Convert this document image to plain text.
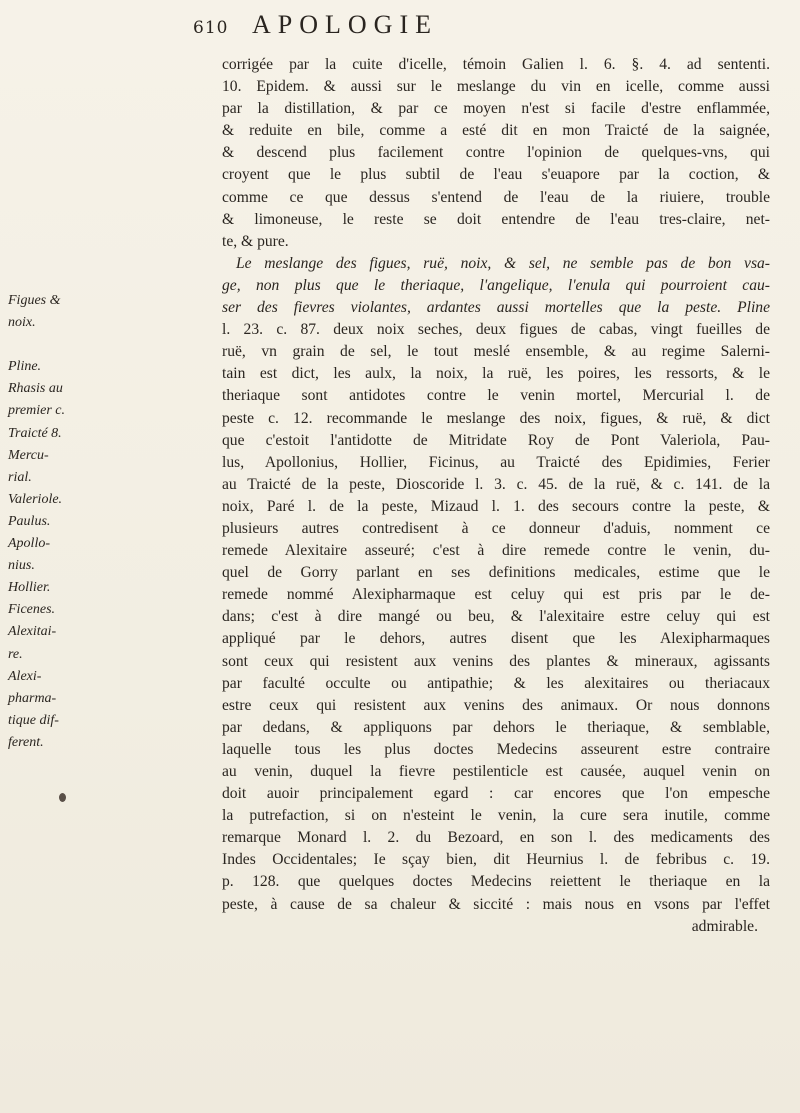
610 APOLOGIE
corrigée par la cuite d'icelle, témoin Galien l. 6. §. 4. ad sententi.
10. Epidem. & aussi sur le meslange du vin en icelle, comme aussi
par la distillation, & par ce moyen n'est si facile d'estre enflammée,
& reduite en bile, comme a esté dit en mon Traicté de la saignée,
& descend plus facilement contre l'opinion de quelques-vns, qui
croyent que le plus subtil de l'eau s'euapore par la coction, &
comme ce que dessus s'entend de l'eau de la riuiere, trouble
& limoneuse, le reste se doit entendre de l'eau tres-claire, net-
te, & pure.
Le meslange des figues, ruë, noix, & sel, ne semble pas de bon vsa-
ge, non plus que le theriaque, l'angelique, l'enula qui pourroient cau-
ser des fievres violantes, ardantes aussi mortelles que la peste. Pline
l. 23. c. 87. deux noix seches, deux figues de cabas, vingt fueilles de
ruë, vn grain de sel, le tout meslé ensemble, & au regime Salerni-
tain est dict, les aulx, la noix, la ruë, les poires, les ressorts, & le
theriaque sont antidotes contre le venin mortel, Mercurial l. de
peste c. 12. recommande le meslange des noix, figues, & ruë, & dict
que c'estoit l'antidotte de Mitridate Roy de Pont Valeriola, Pau-
lus, Apollonius, Hollier, Ficinus, au Traicté des Epidimies, Ferier
au Traicté de la peste, Dioscoride l. 3. c. 45. de la ruë, & c. 141. de la
noix, Paré l. de la peste, Mizaud l. 1. des secours contre la peste, &
plusieurs autres contredisent à ce donneur d'aduis, nomment ce
remede Alexitaire asseuré; c'est à dire remede contre le venin, du-
quel de Gorry parlant en ses definitions medicales, estime que le
remede nommé Alexipharmaque est celuy qui est pris par le de-
dans; c'est à dire mangé ou beu, & l'alexitaire estre celuy qui est
appliqué par le dehors, autres disent que les Alexipharmaques
sont ceux qui resistent aux venins des plantes & mineraux, agissants
par faculté occulte ou antipathie; & les alexitaires ou theriacaux
estre ceux qui resistent aux venins des animaux. Or nous donnons
par dedans, & appliquons par dehors le theriaque, & semblable,
laquelle tous les plus doctes Medecins asseurent estre contraire
au venin, duquel la fievre pestilenticle est causée, auquel venin on
doit auoir principalement egard : car encores que l'on empesche
la putrefaction, si on n'esteint le venin, la cure sera inutile, comme
remarque Monard l. 2. du Bezoard, en son l. des medicaments des
Indes Occidentales; Ie sçay bien, dit Heurnius l. de febribus c. 19.
p. 128. que quelques doctes Medecins reiettent le theriaque en la
peste, à cause de sa chaleur & siccité : mais nous en vsons par l'effet
admirable.
Figues &
noix.

Pline.
Rhasis au
premier c.
Traicté 8.
Mercu-
rial.
Valeriole.
Paulus.
Apollo-
nius.
Hollier.
Ficenes.
Alexitai-
re.
Alexi-
pharma-
tique dif-
ferent.
